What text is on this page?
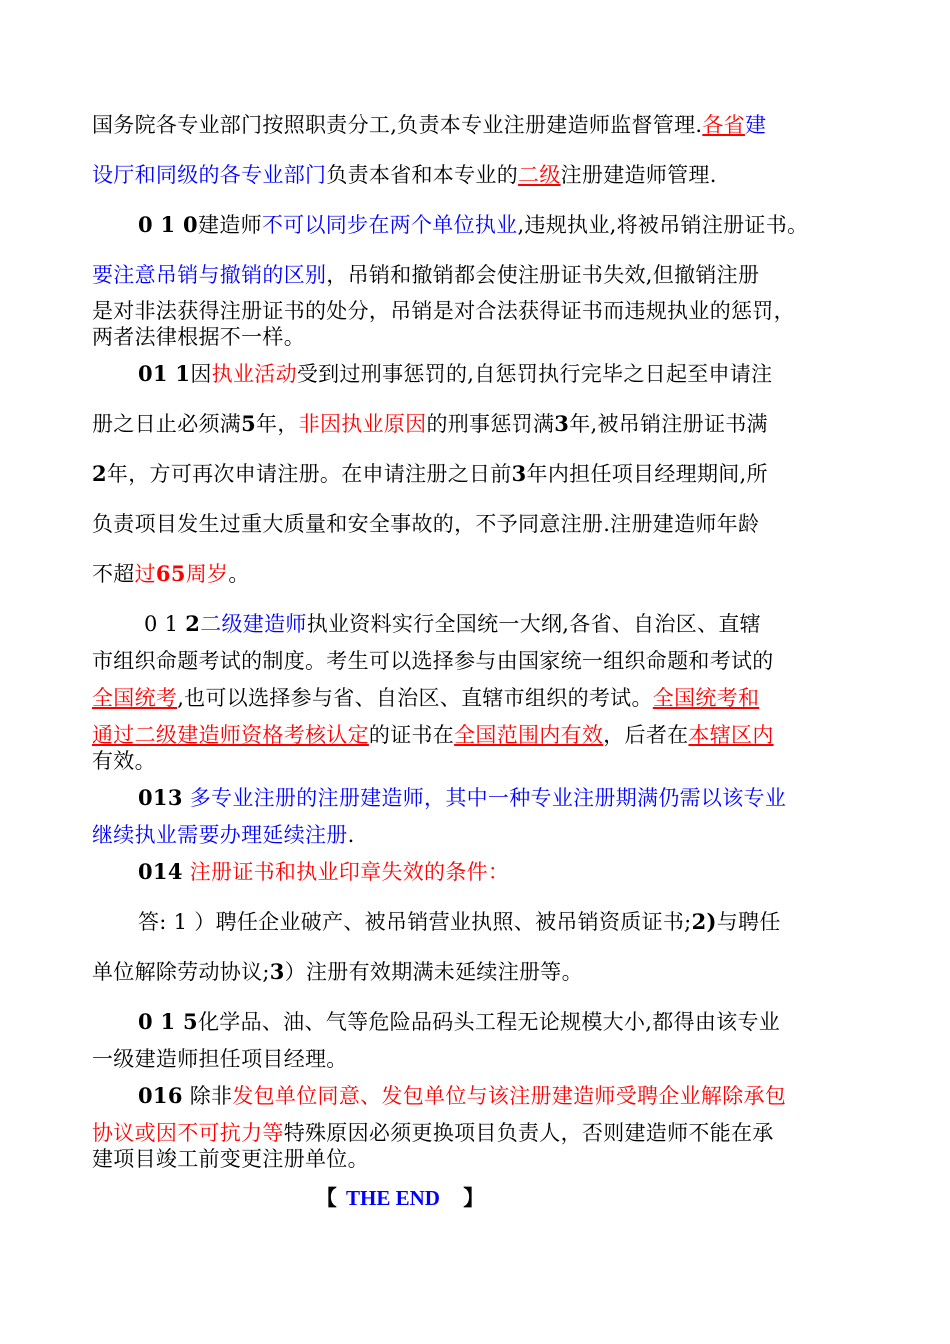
国务院各专业部门按照职责分工,负责本专业注册建造师监督管理.各省建
设厅和同级的各专业部门负责本省和本专业的二级注册建造师管理.
0 1 0建造师不可以同步在两个单位执业,违规执业,将被吊销注册证书。
要注意吊销与撤销的区别，吊销和撤销都会使注册证书失效,但撤销注册
是对非法获得注册证书的处分，吊销是对合法获得证书而违规执业的惩罚，
两者法律根据不一样。
01 1因执业活动受到过刑事惩罚的,自惩罚执行完毕之日起至申请注
册之日止必须满5年，非因执业原因的刑事惩罚满3年,被吊销注册证书满
2年，方可再次申请注册。在申请注册之日前3年内担任项目经理期间,所
负责项目发生过重大质量和安全事故的，不予同意注册.注册建造师年龄
不超过65周岁。
0 1 2二级建造师执业资料实行全国统一大纲,各省、自治区、直辖
市组织命题考试的制度。考生可以选择参与由国家统一组织命题和考试的
全国统考,也可以选择参与省、自治区、直辖市组织的考试。全国统考和
通过二级建造师资格考核认定的证书在全国范围内有效，后者在本辖区内
有效。
013 多专业注册的注册建造师，其中一种专业注册期满仍需以该专业
继续执业需要办理延续注册.
014 注册证书和执业印章失效的条件：
答: 1 ）聘任企业破产、被吊销营业执照、被吊销资质证书;2)与聘任
单位解除劳动协议;3）注册有效期满未延续注册等。
0 1 5化学品、油、气等危险品码头工程无论规模大小,都得由该专业
一级建造师担任项目经理。
016 除非发包单位同意、发包单位与该注册建造师受聘企业解除承包
协议或因不可抗力等特殊原因必须更换项目负责人，否则建造师不能在承
建项目竣工前变更注册单位。
【 THE END 】
